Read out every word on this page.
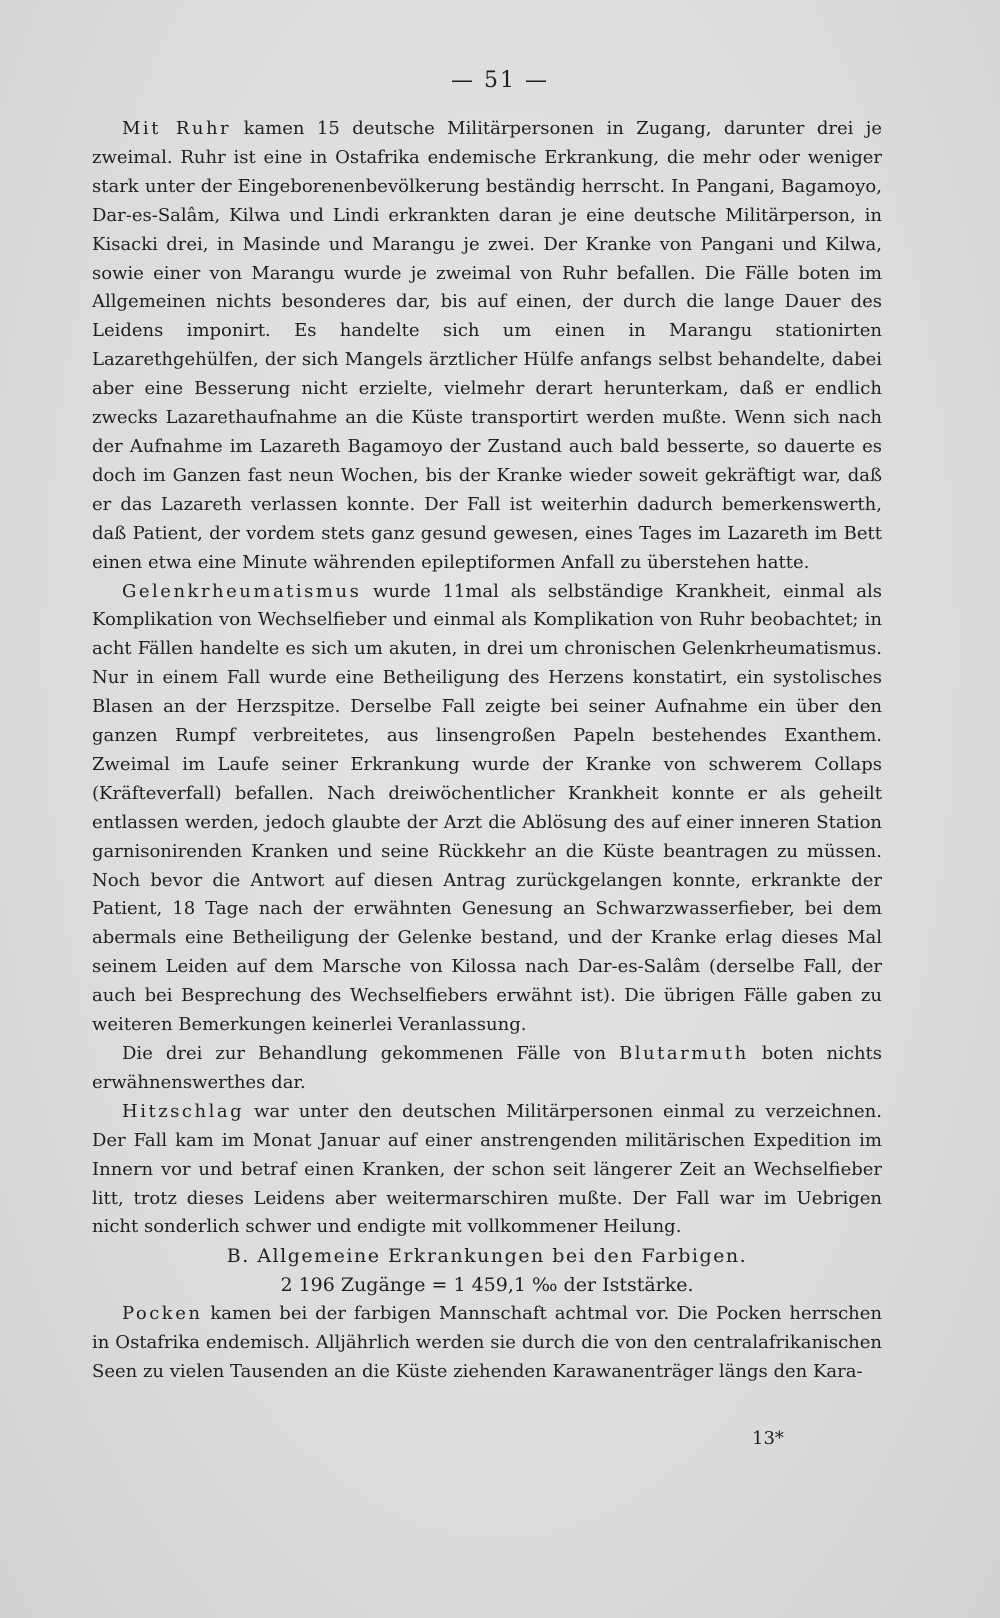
— 51 —

Mit Ruhr kamen 15 deutsche Militärpersonen in Zugang, darunter drei je zweimal. Ruhr ist eine in Ostafrika endemische Erkrankung, die mehr oder weniger stark unter der Eingeborenenbevölkerung beständig herrscht. In Pangani, Bagamoyo, Dar-es-Salâm, Kilwa und Lindi erkrankten daran je eine deutsche Militärperson, in Kisacki drei, in Masinde und Marangu je zwei. Der Kranke von Pangani und Kilwa, sowie einer von Marangu wurde je zweimal von Ruhr befallen. Die Fälle boten im Allgemeinen nichts besonderes dar, bis auf einen, der durch die lange Dauer des Leidens imponirt. Es handelte sich um einen in Marangu stationirten Lazarethgehülfen, der sich Mangels ärztlicher Hülfe anfangs selbst behandelte, dabei aber eine Besserung nicht erzielte, vielmehr derart herunterkam, daß er endlich zwecks Lazarethaufnahme an die Küste transportirt werden mußte. Wenn sich nach der Aufnahme im Lazareth Bagamoyo der Zustand auch bald besserte, so dauerte es doch im Ganzen fast neun Wochen, bis der Kranke wieder soweit gekräftigt war, daß er das Lazareth verlassen konnte. Der Fall ist weiterhin dadurch bemerkenswerth, daß Patient, der vordem stets ganz gesund gewesen, eines Tages im Lazareth im Bett einen etwa eine Minute währenden epileptiformen Anfall zu überstehen hatte.

Gelenkrheumatismus wurde 11mal als selbständige Krankheit, einmal als Komplikation von Wechselfieber und einmal als Komplikation von Ruhr beobachtet; in acht Fällen handelte es sich um akuten, in drei um chronischen Gelenkrheumatismus. Nur in einem Fall wurde eine Betheiligung des Herzens konstatirt, ein systolisches Blasen an der Herzspitze. Derselbe Fall zeigte bei seiner Aufnahme ein über den ganzen Rumpf verbreitetes, aus linsengroßen Papeln bestehendes Exanthem. Zweimal im Laufe seiner Erkrankung wurde der Kranke von schwerem Collaps (Kräfteverfall) befallen. Nach dreiwöchentlicher Krankheit konnte er als geheilt entlassen werden, jedoch glaubte der Arzt die Ablösung des auf einer inneren Station garnisonirenden Kranken und seine Rückkehr an die Küste beantragen zu müssen. Noch bevor die Antwort auf diesen Antrag zurückgelangen konnte, erkrankte der Patient, 18 Tage nach der erwähnten Genesung an Schwarzwasserfieber, bei dem abermals eine Betheiligung der Gelenke bestand, und der Kranke erlag dieses Mal seinem Leiden auf dem Marsche von Kilossa nach Dar-es-Salâm (derselbe Fall, der auch bei Besprechung des Wechselfiebers erwähnt ist). Die übrigen Fälle gaben zu weiteren Bemerkungen keinerlei Veranlassung.

Die drei zur Behandlung gekommenen Fälle von Blutarmuth boten nichts erwähnenswerthes dar.

Hitzschlag war unter den deutschen Militärpersonen einmal zu verzeichnen. Der Fall kam im Monat Januar auf einer anstrengenden militärischen Expedition im Innern vor und betraf einen Kranken, der schon seit längerer Zeit an Wechselfieber litt, trotz dieses Leidens aber weitermarschiren mußte. Der Fall war im Uebrigen nicht sonderlich schwer und endigte mit vollkommener Heilung.

B. Allgemeine Erkrankungen bei den Farbigen.

2 196 Zugänge = 1 459,1 ‰ der Iststärke.

Pocken kamen bei der farbigen Mannschaft achtmal vor. Die Pocken herrschen in Ostafrika endemisch. Alljährlich werden sie durch die von den centralafrikanischen Seen zu vielen Tausenden an die Küste ziehenden Karawanenträger längs den Kara-

13*
